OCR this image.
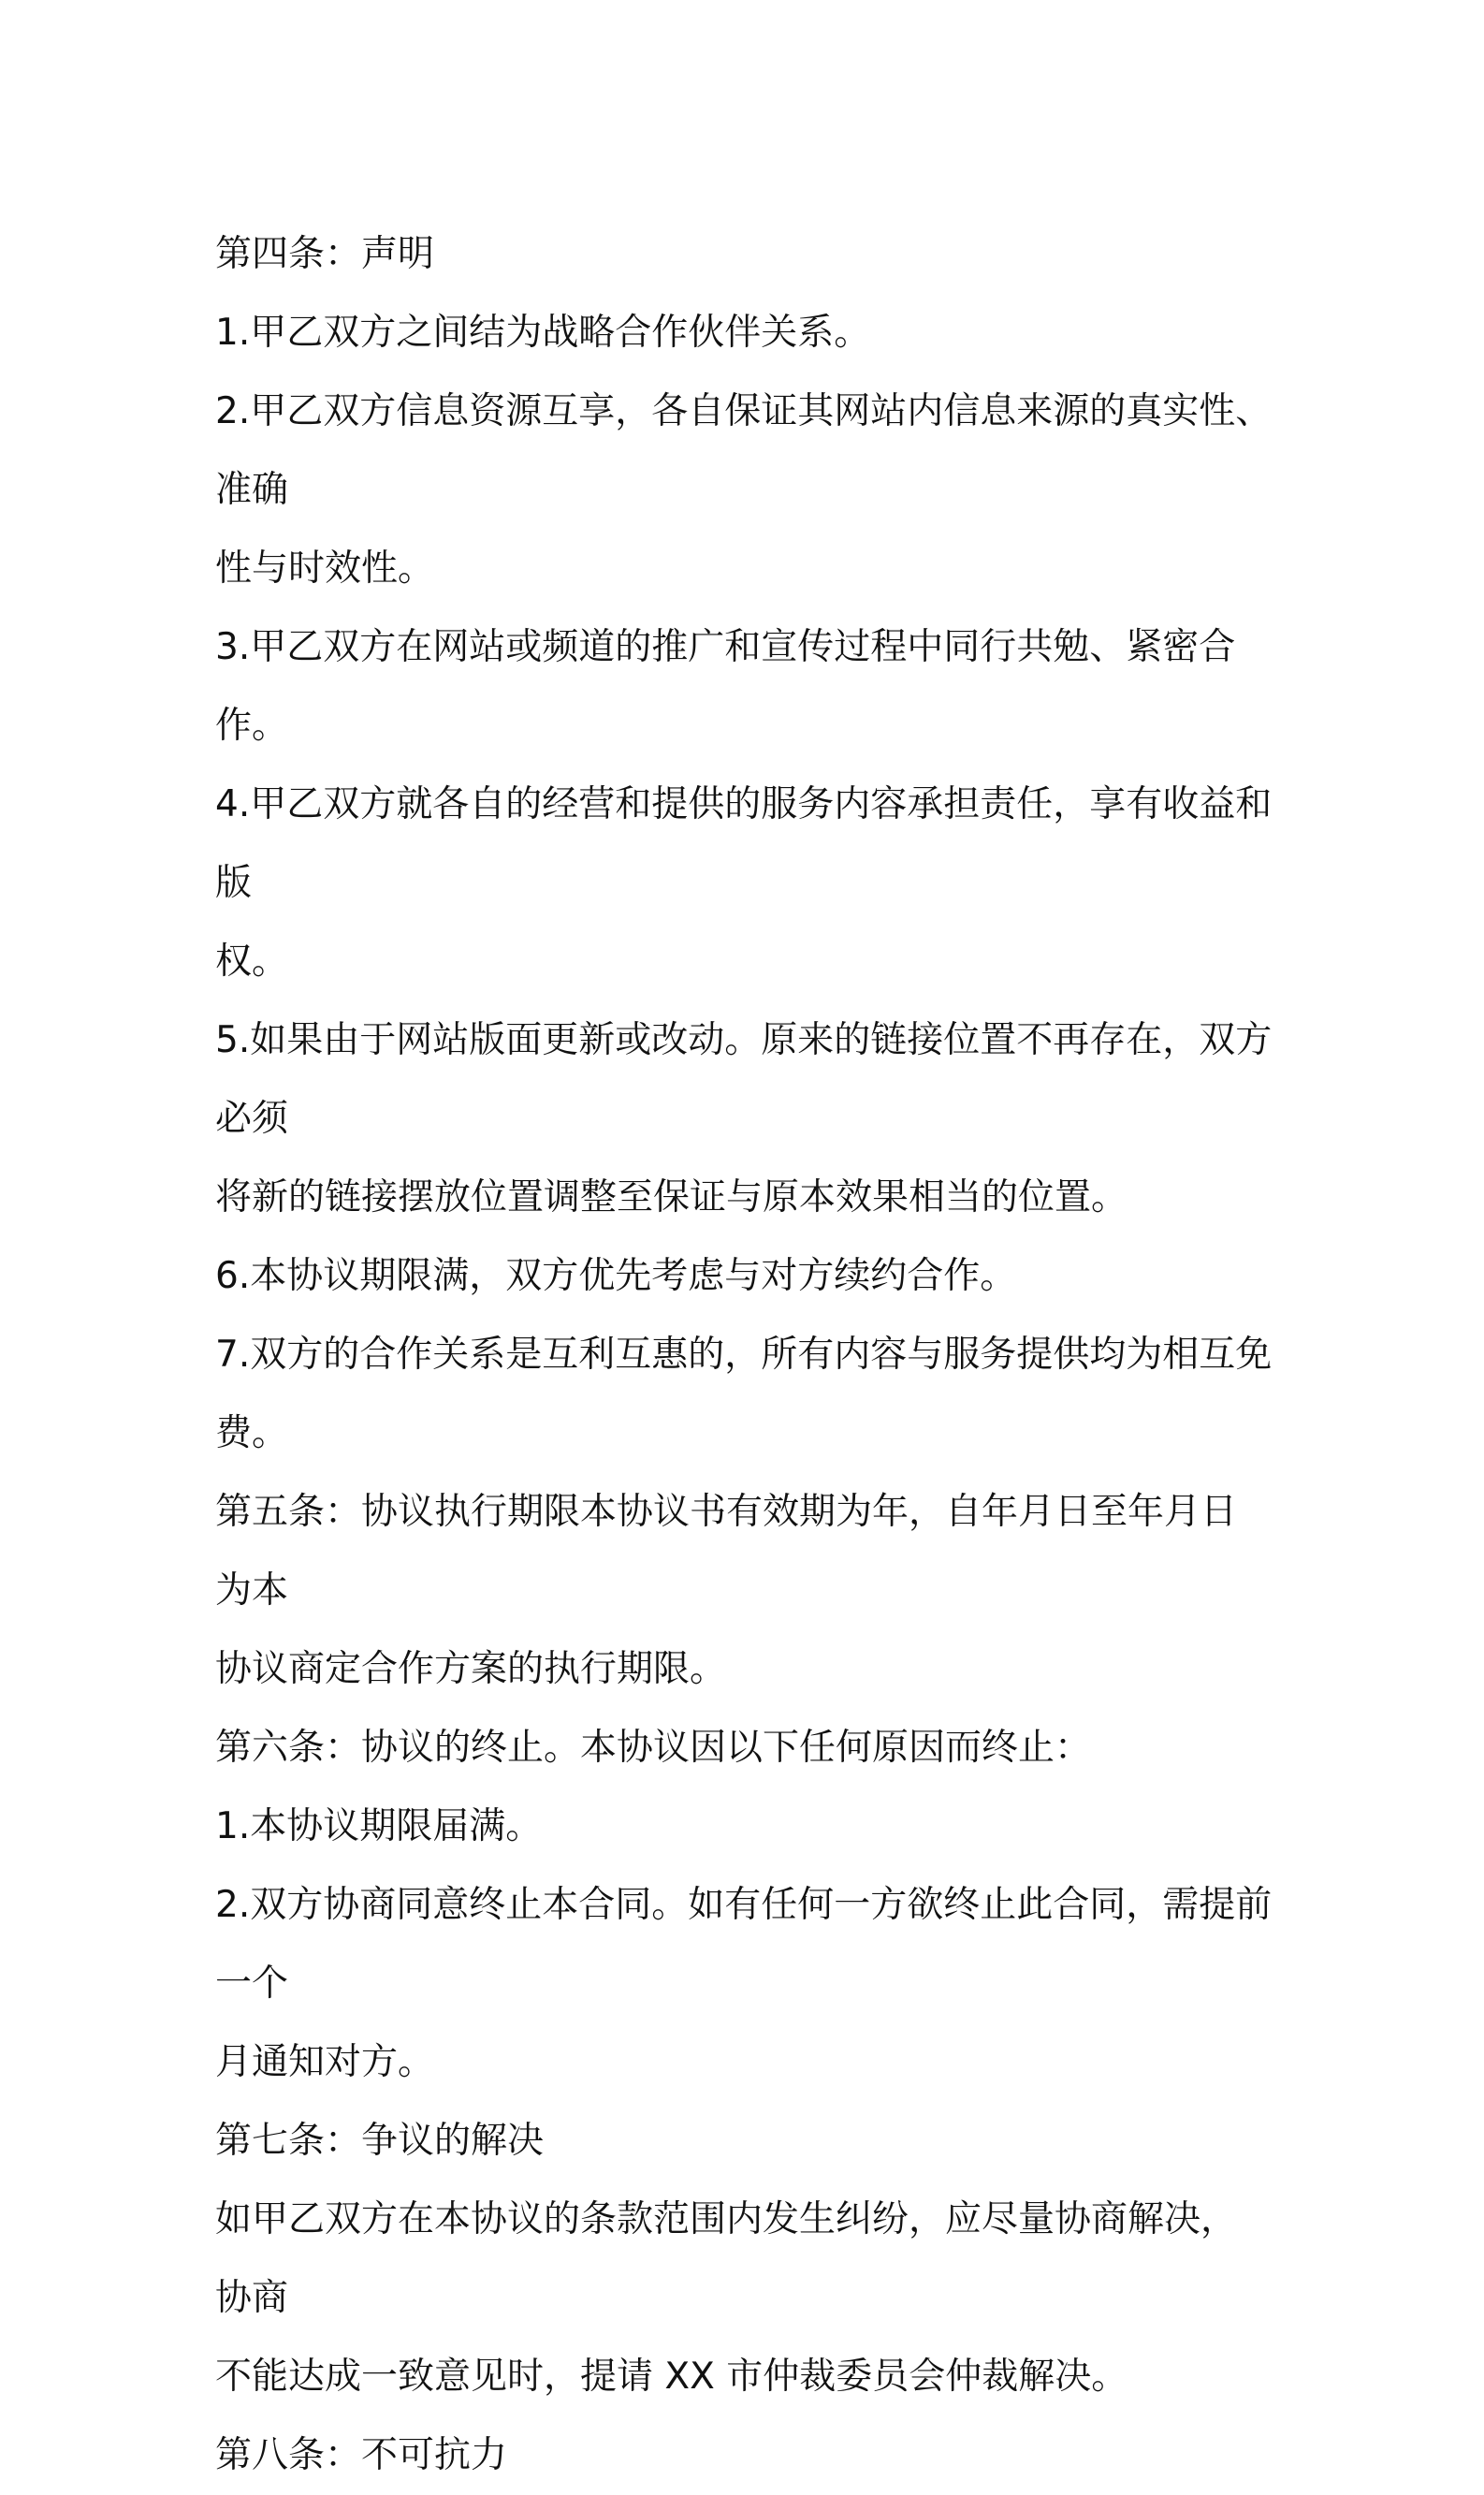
第四条：声明

1.甲乙双方之间结为战略合作伙伴关系。

2.甲乙双方信息资源互享，各自保证其网站内信息来源的真实性、准确

性与时效性。

3.甲乙双方在网站或频道的推广和宣传过程中同行共勉、紧密合作。

4.甲乙双方就各自的经营和提供的服务内容承担责任，享有收益和版

权。

5.如果由于网站版面更新或改动。原来的链接位置不再存在，双方必须

将新的链接摆放位置调整至保证与原本效果相当的位置。

6.本协议期限满，双方优先考虑与对方续约合作。

7.双方的合作关系是互利互惠的，所有内容与服务提供均为相互免费。

第五条：协议执行期限本协议书有效期为年，自年月日至年月日为本

协议商定合作方案的执行期限。

第六条：协议的终止。本协议因以下任何原因而终止：

1.本协议期限届满。

2.双方协商同意终止本合同。如有任何一方欲终止此合同，需提前一个

月通知对方。

第七条：争议的解决

如甲乙双方在本协议的条款范围内发生纠纷，应尽量协商解决，协商

不能达成一致意见时，提请 XX 市仲裁委员会仲裁解决。

第八条：不可抗力
